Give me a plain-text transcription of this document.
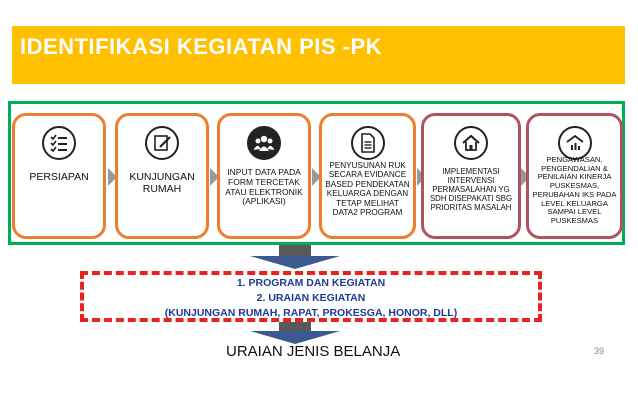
IDENTIFIKASI KEGIATAN PIS -PK
PERSIAPAN	KUNJUNGAN RUMAH
INPUT DATA PADA FORM TERCETAK ATAU ELEKTRONIK (APLIKASI)
PENYUSUNAN RUK SECARA EVIDANCE BASED PENDEKATAN KELUARGA DENGAN TETAP MELIHAT DATA2 PROGRAM
IMPLEMENTASI INTERVENSI PERMASALAHAN YG SDH DISEPAKATI SBG PRIORITAS MASALAH
PENGAWASAN, PENGENDALIAN & PENILAIAN KINERJA PUSKESMAS, PERUBAHAN IKS PADA LEVEL KELUARGA SAMPAI LEVEL PUSKESMAS
1. PROGRAM DAN KEGIATAN
2. URAIAN KEGIATAN
(KUNJUNGAN RUMAH, RAPAT, PROKESGA, HONOR, DLL)
URAIAN JENIS BELANJA	39
